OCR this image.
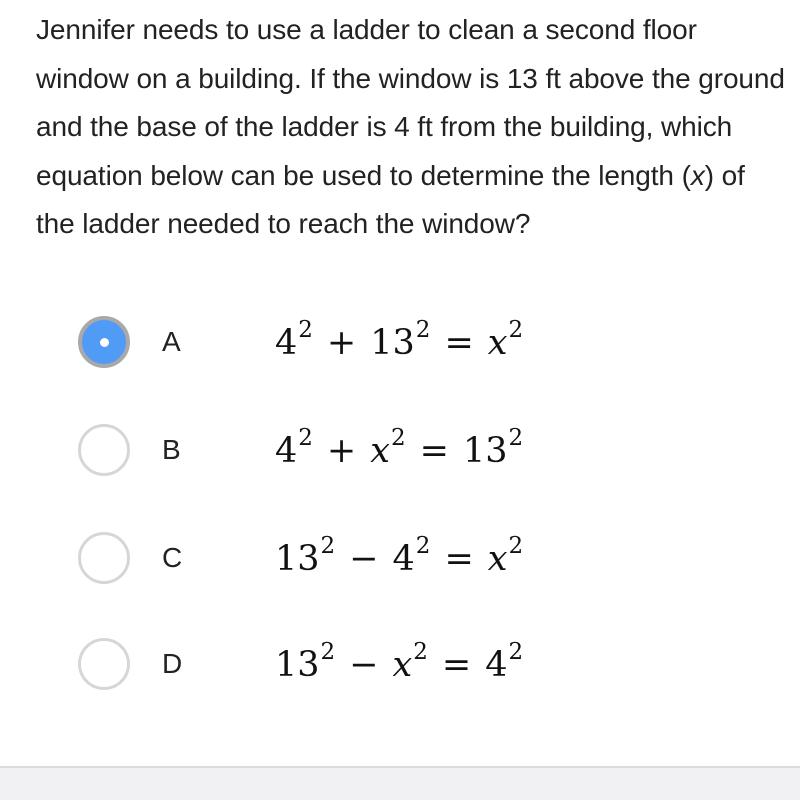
Jennifer needs to use a ladder to clean a second floor window on a building. If the window is 13 ft above the ground and the base of the ladder is 4 ft from the building, which equation below can be used to determine the length (x) of the ladder needed to reach the window?

A	$4^2 + 13^2 = x^2$
B	$4^2 + x^2 = 13^2$
C	$13^2 - 4^2 = x^2$
D	$13^2 - x^2 = 4^2$
